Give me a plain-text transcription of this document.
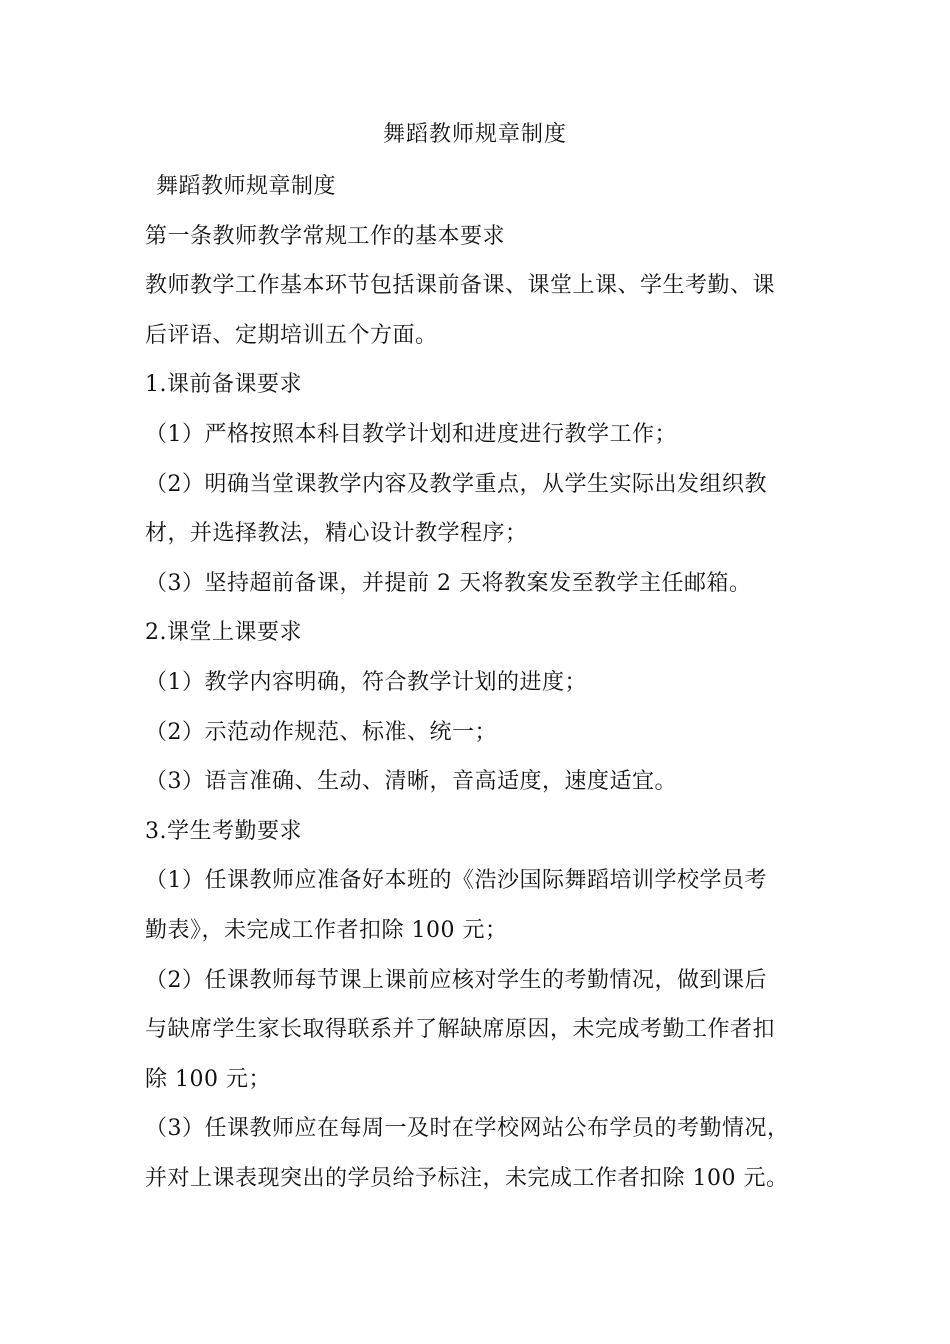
舞蹈教师规章制度
舞蹈教师规章制度
第一条教师教学常规工作的基本要求
教师教学工作基本环节包括课前备课、课堂上课、学生考勤、课
后评语、定期培训五个方面。
1.课前备课要求
（1）严格按照本科目教学计划和进度进行教学工作；
（2）明确当堂课教学内容及教学重点，从学生实际出发组织教
材，并选择教法，精心设计教学程序；
（3）坚持超前备课，并提前 2 天将教案发至教学主任邮箱。
2.课堂上课要求
（1）教学内容明确，符合教学计划的进度；
（2）示范动作规范、标准、统一；
（3）语言准确、生动、清晰，音高适度，速度适宜。
3.学生考勤要求
（1）任课教师应准备好本班的《浩沙国际舞蹈培训学校学员考
勤表》，未完成工作者扣除 100 元；
（2）任课教师每节课上课前应核对学生的考勤情况，做到课后
与缺席学生家长取得联系并了解缺席原因，未完成考勤工作者扣
除 100 元；
（3）任课教师应在每周一及时在学校网站公布学员的考勤情况，
并对上课表现突出的学员给予标注，未完成工作者扣除 100 元。
